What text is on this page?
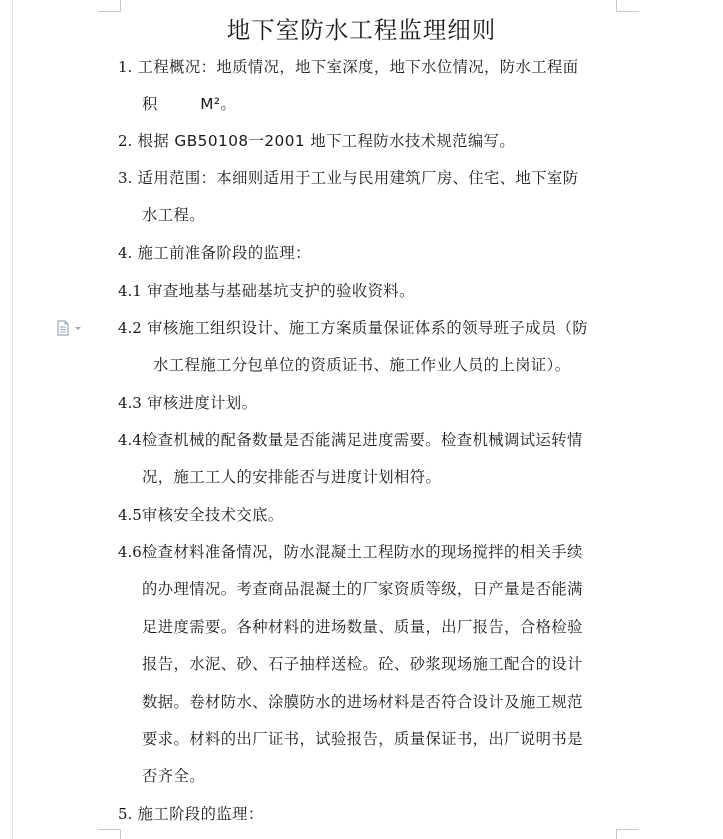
地下室防水工程监理细则
1. 工程概况：地质情况，地下室深度，地下水位情况，防水工程面
积        M²。
2. 根据 GB50108一2001 地下工程防水技术规范编写。
3. 适用范围：本细则适用于工业与民用建筑厂房、住宅、地下室防
水工程。
4. 施工前准备阶段的监理：
4.1 审查地基与基础基坑支护的验收资料。
4.2 审核施工组织设计、施工方案质量保证体系的领导班子成员（防
水工程施工分包单位的资质证书、施工作业人员的上岗证）。
4.3 审核进度计划。
4.4检查机械的配备数量是否能满足进度需要。检查机械调试运转情
况，施工工人的安排能否与进度计划相符。
4.5审核安全技术交底。
4.6检查材料准备情况，防水混凝土工程防水的现场搅拌的相关手续
的办理情况。考查商品混凝土的厂家资质等级，日产量是否能满
足进度需要。各种材料的进场数量、质量，出厂报告，合格检验
报告，水泥、砂、石子抽样送检。砼、砂浆现场施工配合的设计
数据。卷材防水、涂膜防水的进场材料是否符合设计及施工规范
要求。材料的出厂证书，试验报告，质量保证书，出厂说明书是
否齐全。
5. 施工阶段的监理：
